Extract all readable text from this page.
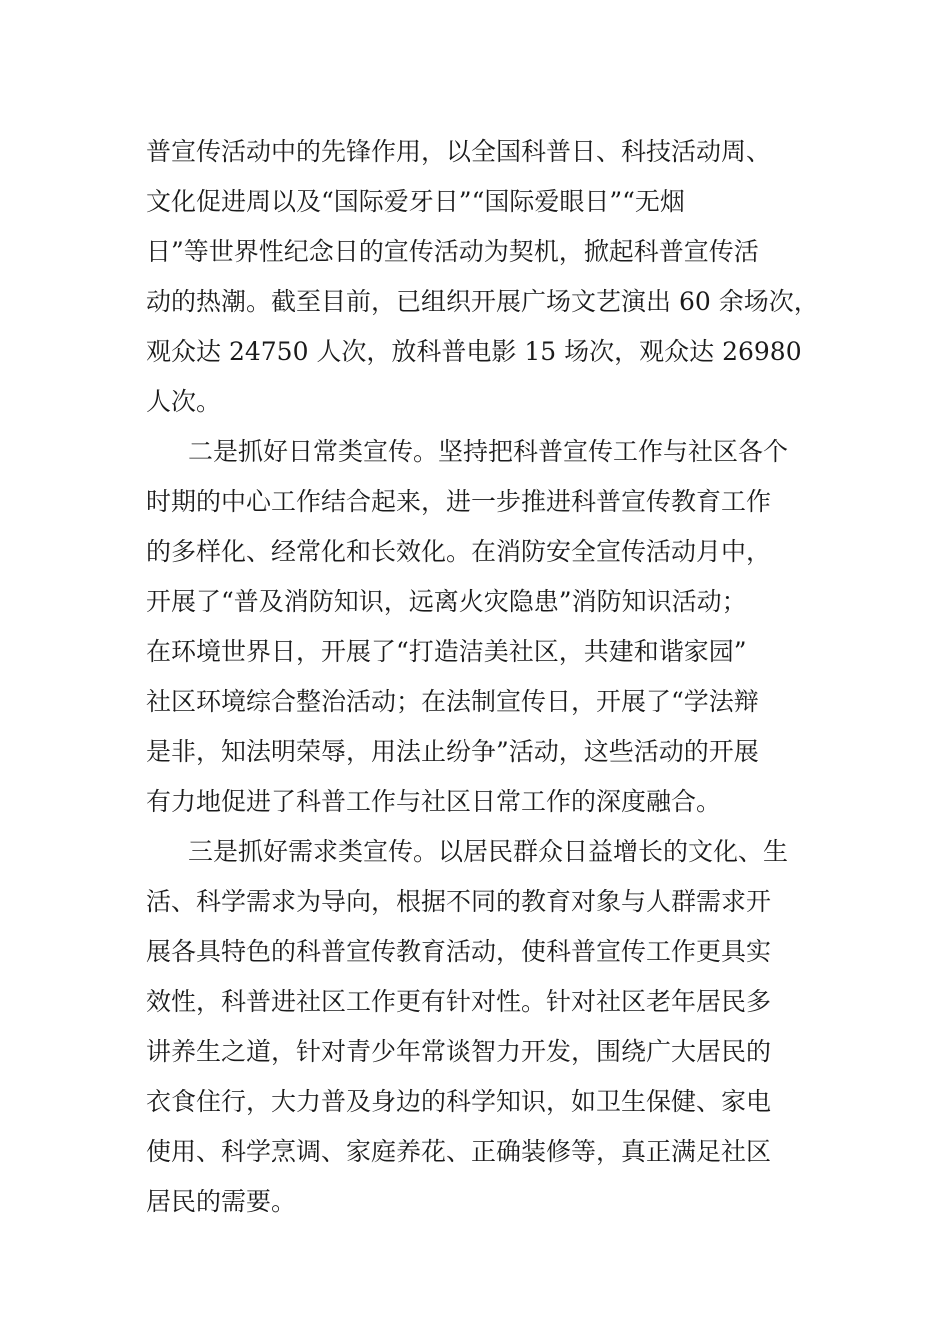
普宣传活动中的先锋作用，以全国科普日、科技活动周、
文化促进周以及“国际爱牙日”“国际爱眼日”“无烟
日”等世界性纪念日的宣传活动为契机，掀起科普宣传活
动的热潮。截至目前，已组织开展广场文艺演出 60 余场次，
观众达 24750 人次，放科普电影 15 场次，观众达 26980
人次。
二是抓好日常类宣传。坚持把科普宣传工作与社区各个
时期的中心工作结合起来，进一步推进科普宣传教育工作
的多样化、经常化和长效化。在消防安全宣传活动月中，
开展了“普及消防知识，远离火灾隐患”消防知识活动；
在环境世界日，开展了“打造洁美社区，共建和谐家园”
社区环境综合整治活动；在法制宣传日，开展了“学法辩
是非，知法明荣辱，用法止纷争”活动，这些活动的开展
有力地促进了科普工作与社区日常工作的深度融合。
三是抓好需求类宣传。以居民群众日益增长的文化、生
活、科学需求为导向，根据不同的教育对象与人群需求开
展各具特色的科普宣传教育活动，使科普宣传工作更具实
效性，科普进社区工作更有针对性。针对社区老年居民多
讲养生之道，针对青少年常谈智力开发，围绕广大居民的
衣食住行，大力普及身边的科学知识，如卫生保健、家电
使用、科学烹调、家庭养花、正确装修等，真正满足社区
居民的需要。
